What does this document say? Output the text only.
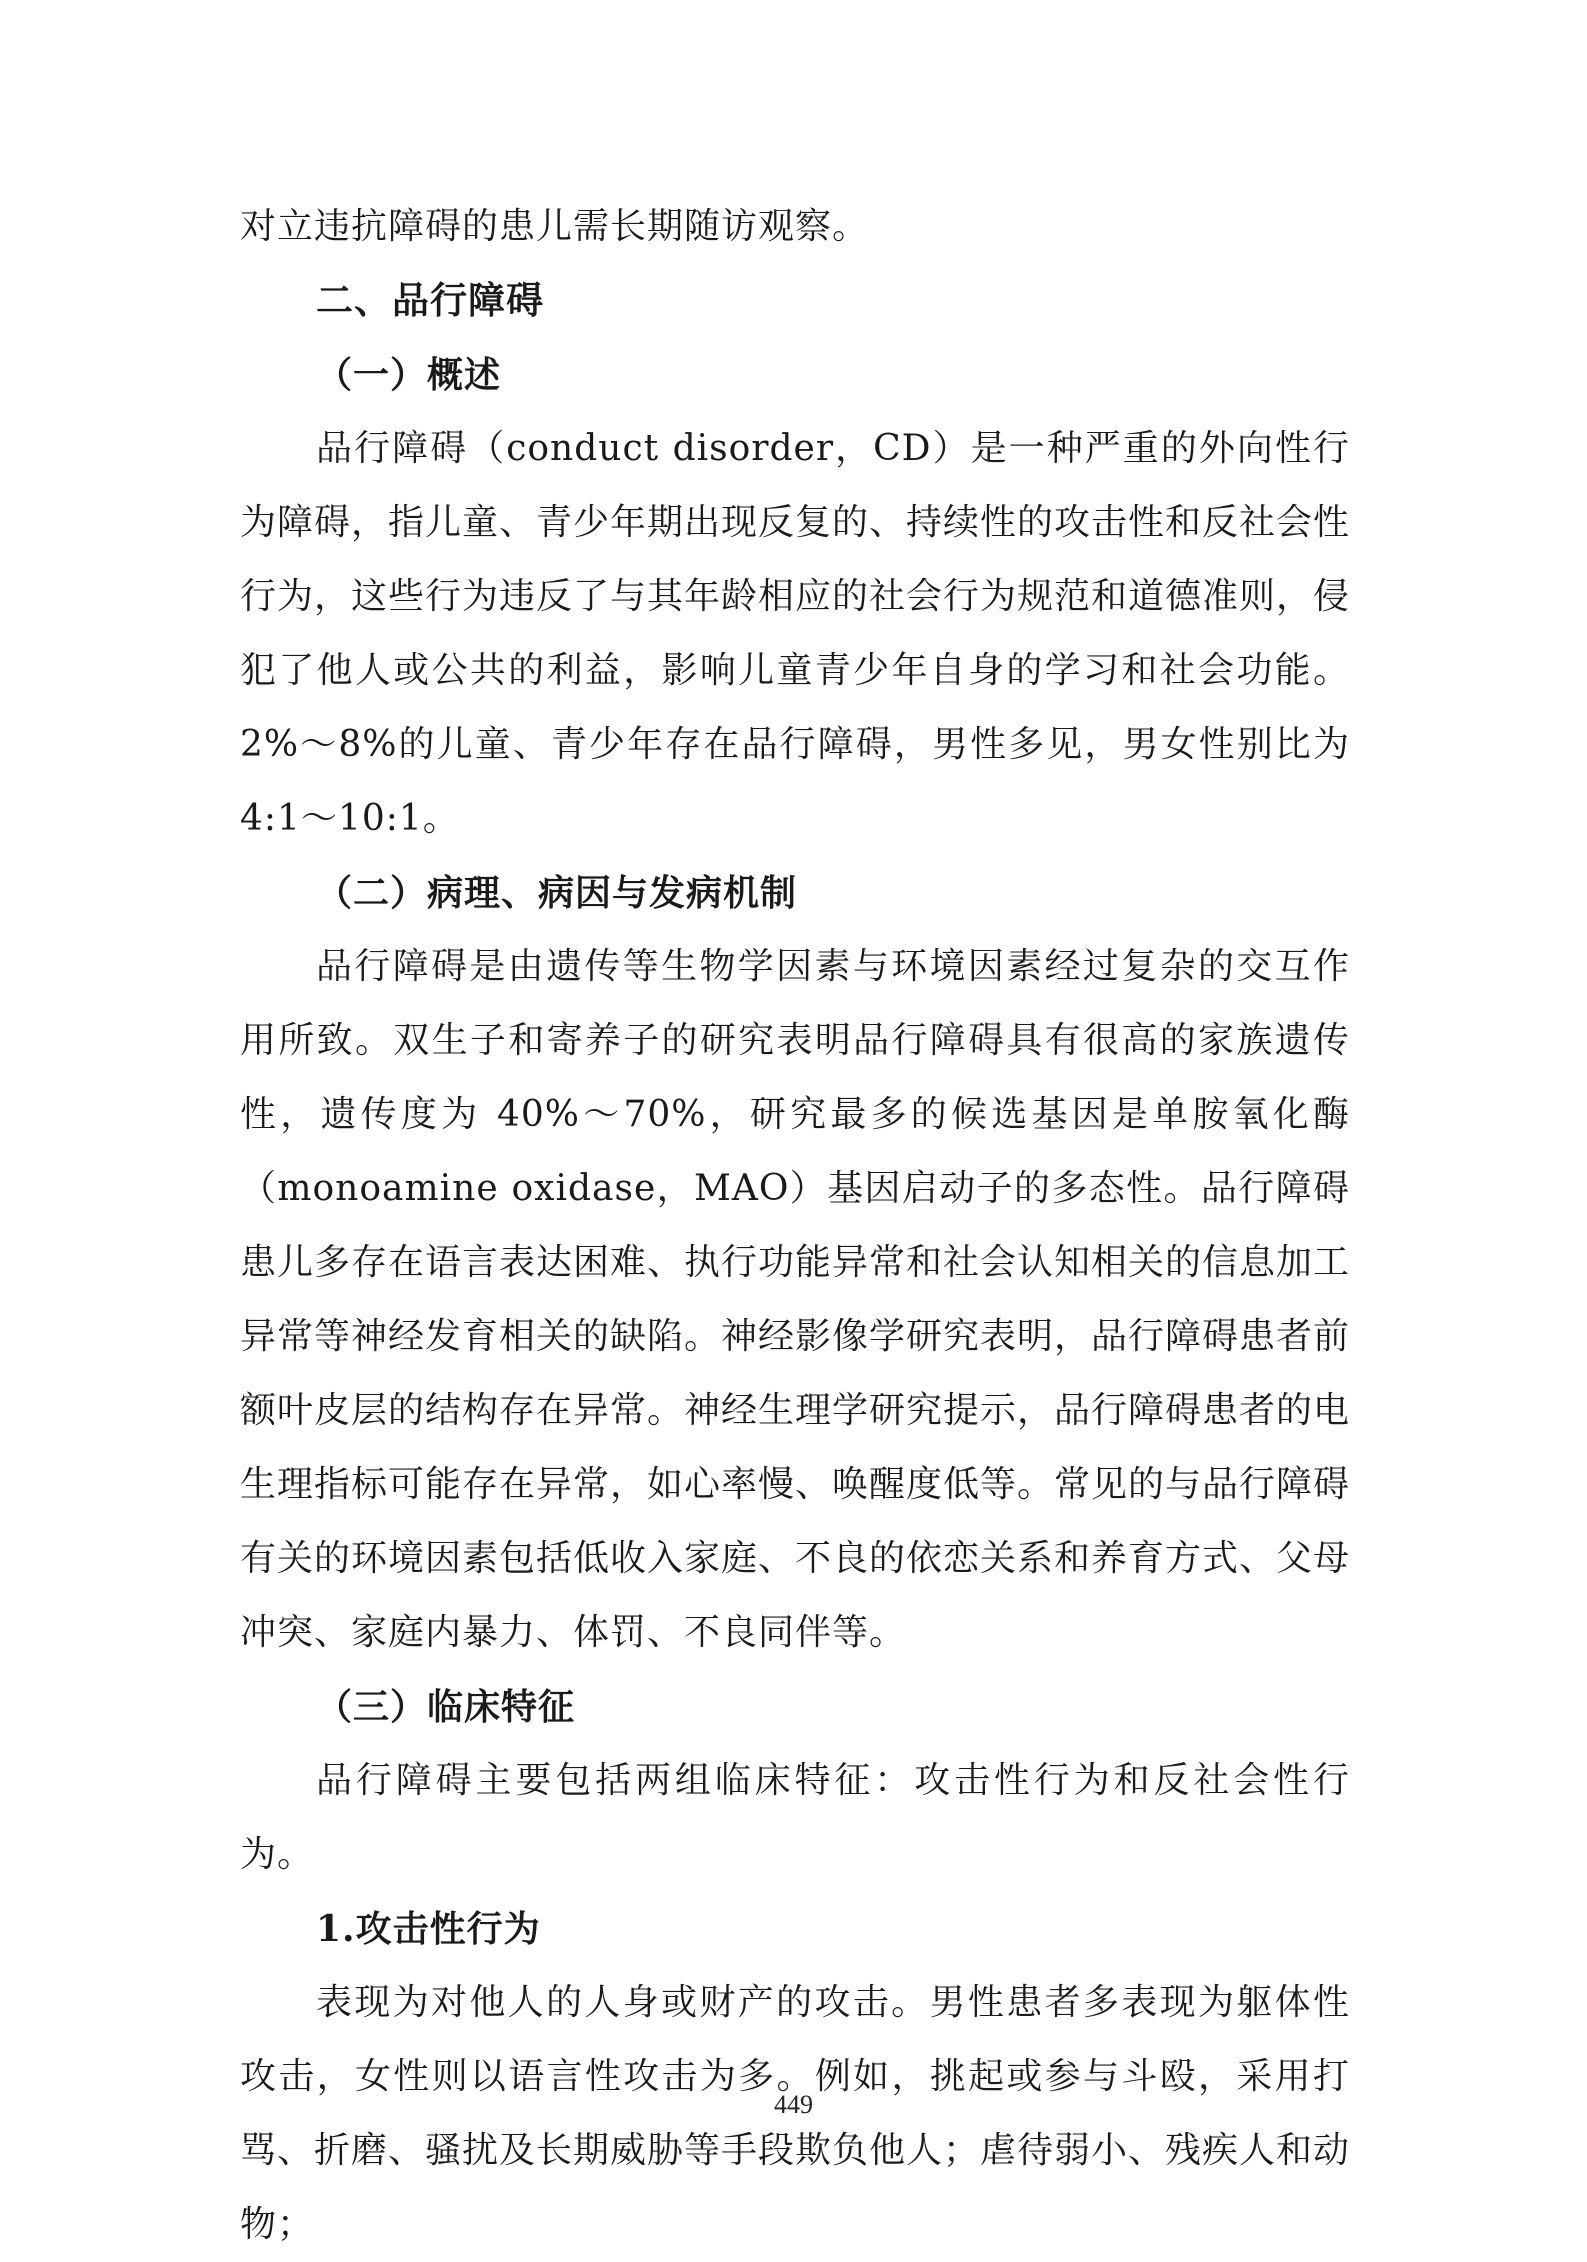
对立违抗障碍的患儿需长期随访观察。

二、品行障碍
（一）概述

品行障碍（conduct disorder，CD）是一种严重的外向性行为障碍，指儿童、青少年期出现反复的、持续性的攻击性和反社会性行为，这些行为违反了与其年龄相应的社会行为规范和道德准则，侵犯了他人或公共的利益，影响儿童青少年自身的学习和社会功能。2%～8%的儿童、青少年存在品行障碍，男性多见，男女性别比为 4:1～10:1。

（二）病理、病因与发病机制

品行障碍是由遗传等生物学因素与环境因素经过复杂的交互作用所致。双生子和寄养子的研究表明品行障碍具有很高的家族遗传性，遗传度为 40%～70%，研究最多的候选基因是单胺氧化酶（monoamine oxidase，MAO）基因启动子的多态性。品行障碍患儿多存在语言表达困难、执行功能异常和社会认知相关的信息加工异常等神经发育相关的缺陷。神经影像学研究表明，品行障碍患者前额叶皮层的结构存在异常。神经生理学研究提示，品行障碍患者的电生理指标可能存在异常，如心率慢、唤醒度低等。常见的与品行障碍有关的环境因素包括低收入家庭、不良的依恋关系和养育方式、父母冲突、家庭内暴力、体罚、不良同伴等。

（三）临床特征

品行障碍主要包括两组临床特征：攻击性行为和反社会性行为。

1.攻击性行为

表现为对他人的人身或财产的攻击。男性患者多表现为躯体性攻击，女性则以语言性攻击为多。例如，挑起或参与斗殴，采用打骂、折磨、骚扰及长期威胁等手段欺负他人；虐待弱小、残疾人和动物；

449
